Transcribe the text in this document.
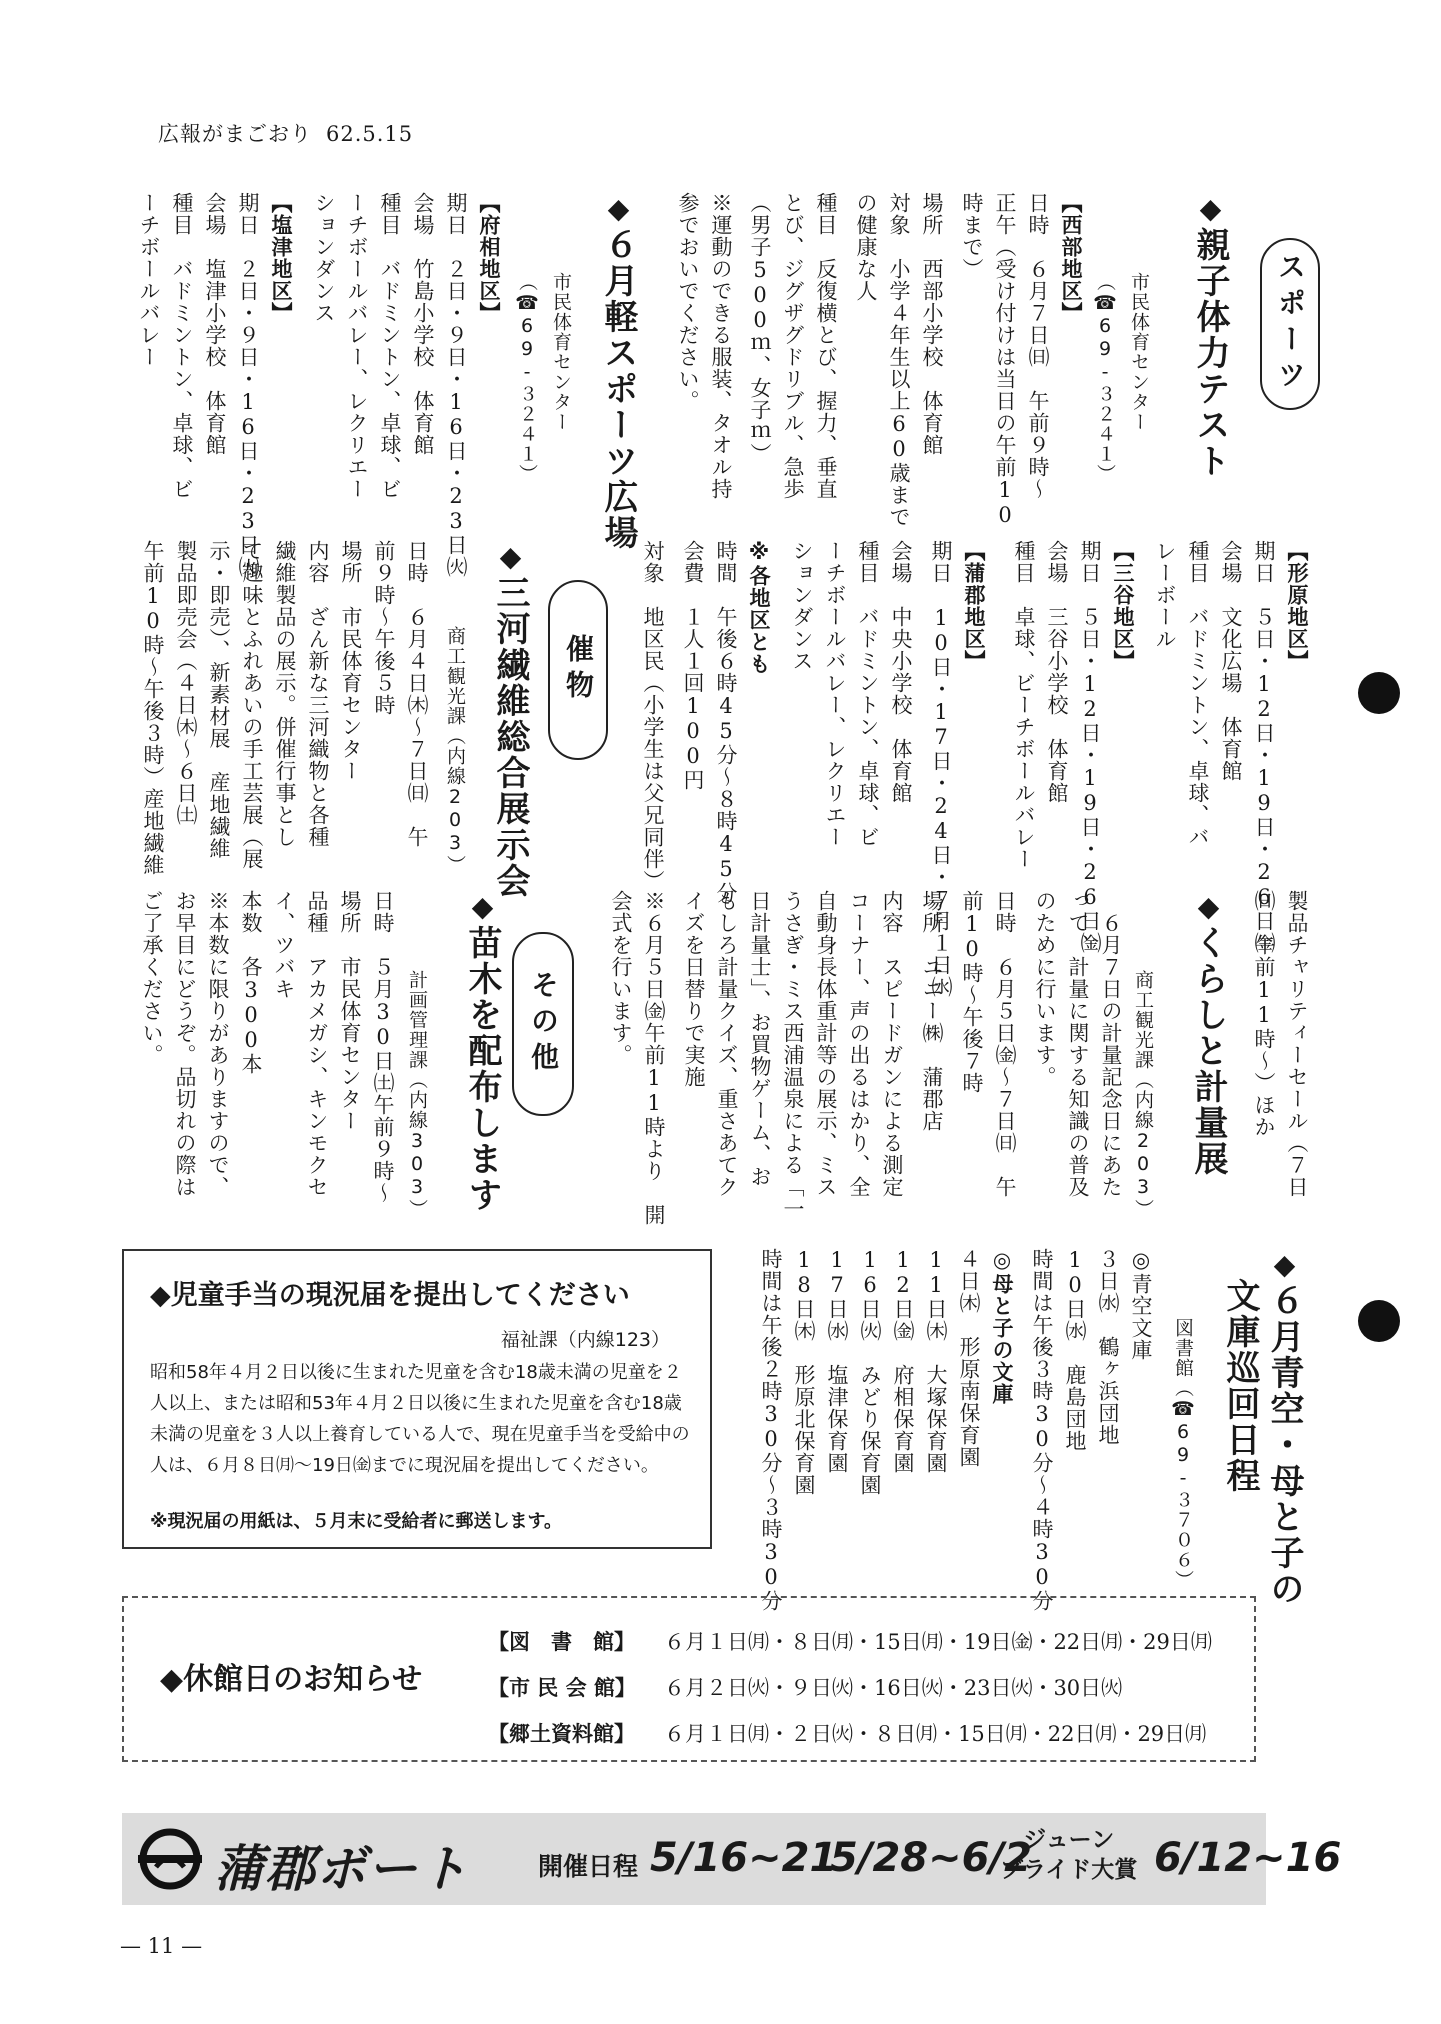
広報がまごおり 62.5.15
スポーツ
催物
その他
◆親子体力テスト
市民体育センター
（☎69-３２４１）
【西部地区】
日時　６月７日㈰　午前９時～
正午（受け付けは当日の午前10
時まで）
場所　西部小学校　体育館
対象　小学４年生以上60歳まで
の健康な人
種目　反復横とび、握力、垂直
とび、ジグザグドリブル、急歩
（男子500ｍ、女子ｍ）
※運動のできる服装、タオル持
参でおいでください。
◆６月軽スポーツ広場
市民体育センター
（☎69-３２４１）
【府相地区】
期日　２日・９日・16日・23日㈫
会場　竹島小学校　体育館
種目　バドミントン、卓球、ビ
ーチボールバレー、レクリエー
ションダンス
【塩津地区】
期日　２日・９日・16日・23日㈫
会場　塩津小学校　体育館
種目　バドミントン、卓球、ビ
ーチボールバレー
【形原地区】
期日　５日・12日・19日・26日㈮
会場　文化広場　体育館
種目　バドミントン、卓球、バ
レーボール
【三谷地区】
期日　５日・12日・19日・26日㈮
会場　三谷小学校　体育館
種目　卓球、ビーチボールバレー
【蒲郡地区】
期日　10日・17日・24日・７月１日㈬
会場　中央小学校　体育館
種目　バドミントン、卓球、ビ
ーチボールバレー、レクリエー
ションダンス
※各地区とも
時間　午後６時45分～８時45分
会費　１人１回100円
対象　地区民（小学生は父兄同伴）
◆三河繊維総合展示会
商工観光課（内線203）
日時　６月４日㈭～７日㈰　午
前９時～午後５時
場所　市民体育センター
内容　ざん新な三河織物と各種
繊維製品の展示。併催行事とし
て趣味とふれあいの手工芸展（展
示・即売）、新素材展　産地繊維
製品即売会（４日㈭～６日㈯
午前10時～午後３時）産地繊維
製品チャリティーセール（７日
㈰　午前11時～）ほか
◆くらしと計量展
商工観光課（内線203）
６月７日の計量記念日にあた
って、計量に関する知識の普及
のために行います。
日時　６月５日㈮～７日㈰　午
前10時～午後７時
場所　ユニー㈱　蒲郡店
内容　スピードガンによる測定
コーナー、声の出るはかり、全
自動身長体重計等の展示、ミス
うさぎ・ミス西浦温泉による「一
日計量士」、お買物ゲーム、お
もしろ計量クイズ、重さあてク
イズを日替りで実施
※６月５日㈮午前11時より　開
会式を行います。
◆苗木を配布します
計画管理課（内線303）
日時　５月30日㈯午前９時～
場所　市民体育センター
品種　アカメガシ、キンモクセ
イ、ツバキ
本数　各300本
※本数に限りがありますので、
お早目にどうぞ。品切れの際は
ご了承ください。
◆６月青空・母と子の
文庫巡回日程
図書館（☎69-３７０６）
◎青空文庫
３日㈬　鶴ヶ浜団地
10日㈬　鹿島団地
時間は午後３時30分～４時30分
◎母と子の文庫
４日㈭　形原南保育園
11日㈭　大塚保育園
12日㈮　府相保育園
16日㈫　みどり保育園
17日㈬　塩津保育園
18日㈭　形原北保育園
時間は午後２時30分～３時30分
◆児童手当の現況届を提出してください
福祉課（内線123）
昭和58年４月２日以後に生まれた児童を含む18歳未満の児童を２人以上、または昭和53年４月２日以後に生まれた児童を含む18歳未満の児童を３人以上養育している人で、現在児童手当を受給中の人は、６月８日㈪～19日㈮までに現況届を提出してください。
※現況届の用紙は、５月末に受給者に郵送します。
◆休館日のお知らせ
【図　書　館】 ６月１日㈪・８日㈪・15日㈪・19日㈮・22日㈪・29日㈪
【市 民 会 館】 ６月２日㈫・９日㈫・16日㈫・23日㈫・30日㈫
【郷土資料館】 ６月１日㈪・２日㈫・８日㈪・15日㈪・22日㈪・29日㈪
蒲郡ボート	開催日程 5/16~21
5/28~6/2
ジューン
ブライド大賞 6/12~16
— 11 —
